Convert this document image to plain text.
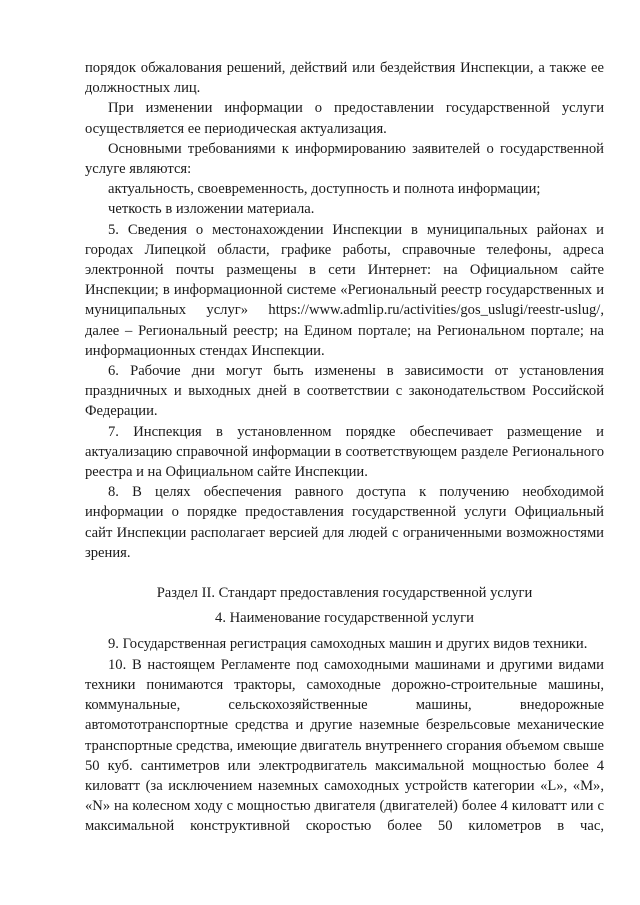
порядок обжалования решений, действий или бездействия Инспекции, а также ее должностных лиц.

При изменении информации о предоставлении государственной услуги осуществляется ее периодическая актуализация.

Основными требованиями к информированию заявителей о государственной услуге являются:

актуальность, своевременность, доступность и полнота информации;

четкость в изложении материала.

5. Сведения о местонахождении Инспекции в муниципальных районах и городах Липецкой области, графике работы, справочные телефоны, адреса электронной почты размещены в сети Интернет: на Официальном сайте Инспекции; в информационной системе «Региональный реестр государственных и муниципальных услуг» https://www.admlip.ru/activities/gos_uslugi/reestr-uslug/,

далее – Региональный реестр; на Едином портале; на Региональном портале; на информационных стендах Инспекции.

6. Рабочие дни могут быть изменены в зависимости от установления праздничных и выходных дней в соответствии с законодательством Российской Федерации.

7. Инспекция в установленном порядке обеспечивает размещение и актуализацию справочной информации в соответствующем разделе Регионального реестра и на Официальном сайте Инспекции.

8. В целях обеспечения равного доступа к получению необходимой информации о порядке предоставления государственной услуги Официальный сайт Инспекции располагает версией для людей с ограниченными возможностями зрения.

Раздел II. Стандарт предоставления государственной услуги
4. Наименование государственной услуги

9. Государственная регистрация самоходных машин и других видов техники.

10. В настоящем Регламенте под самоходными машинами и другими видами техники понимаются тракторы, самоходные дорожно-строительные машины, коммунальные, сельскохозяйственные машины, внедорожные автомототранспортные средства и другие наземные безрельсовые механические транспортные средства, имеющие двигатель внутреннего сгорания объемом свыше 50 куб. сантиметров или электродвигатель максимальной мощностью более 4 киловатт (за исключением наземных самоходных устройств категории «L», «M», «N» на колесном ходу с мощностью двигателя (двигателей) более 4 киловатт или с максимальной конструктивной скоростью более 50 километров в час,
